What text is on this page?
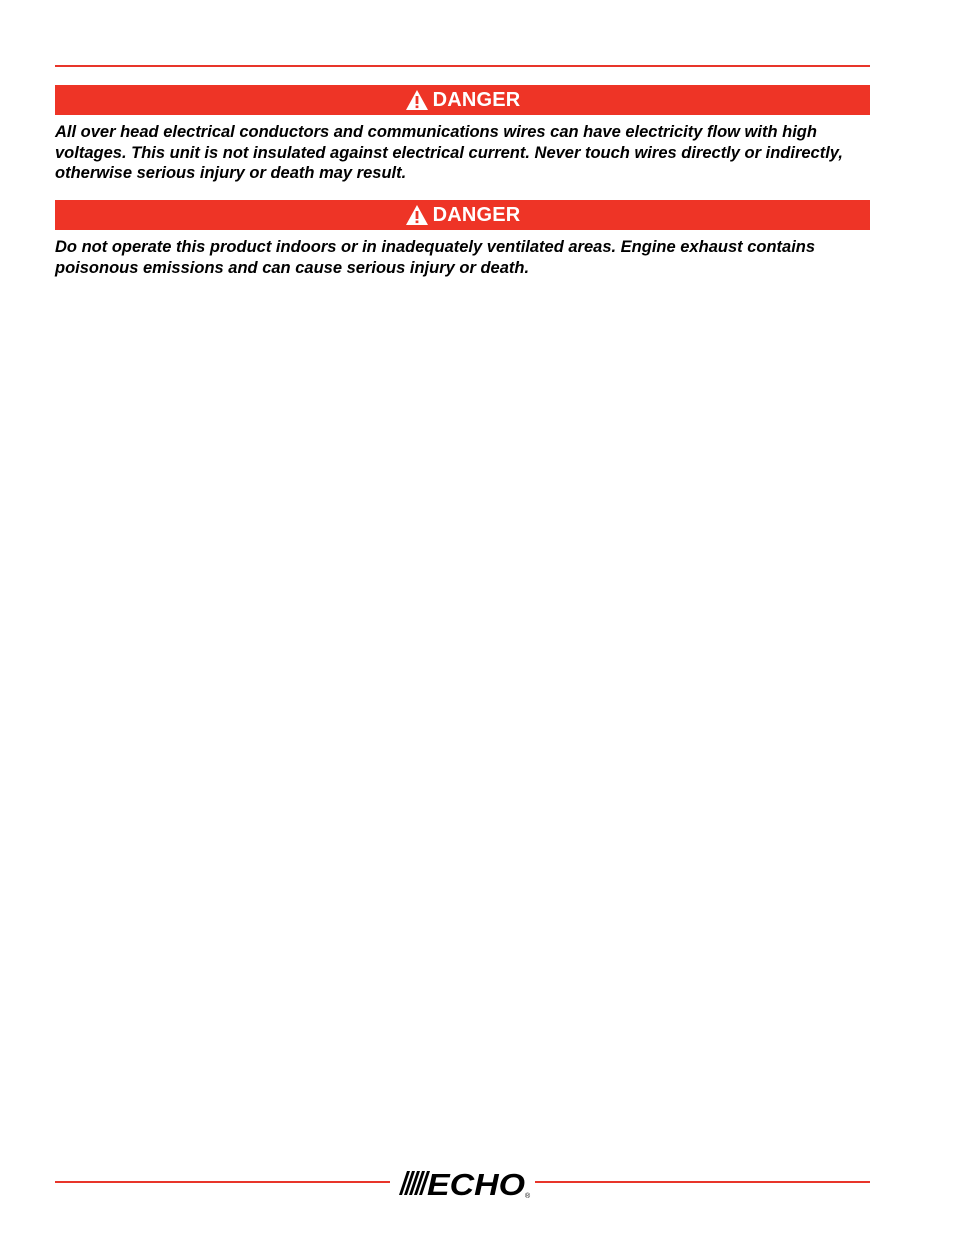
DANGER
All over head electrical conductors and communications wires can have electricity flow with high voltages. This unit is not insulated against electrical current. Never touch wires directly or indirectly, otherwise serious injury or death may result.
DANGER
Do not operate this product indoors or in inadequately ventilated areas. Engine exhaust contains poisonous emissions and can cause serious injury or death.
ECHO ®
